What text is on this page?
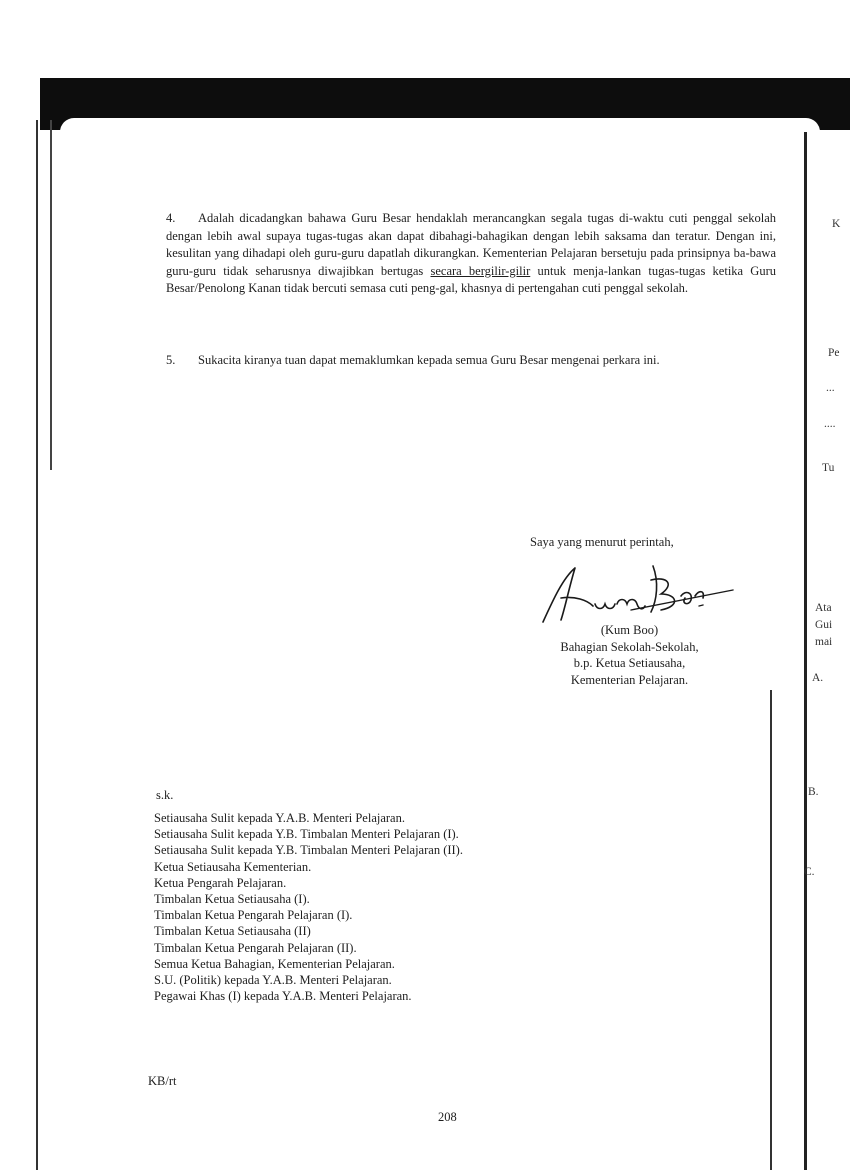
4. Adalah dicadangkan bahawa Guru Besar hendaklah merancangkan segala tugas di-waktu cuti penggal sekolah dengan lebih awal supaya tugas-tugas akan dapat dibahagi-bahagikan dengan lebih saksama dan teratur. Dengan ini, kesulitan yang dihadapi oleh guru-guru dapatlah dikurangkan. Kementerian Pelajaran bersetuju pada prinsipnya ba-bawa guru-guru tidak seharusnya diwajibkan bertugas secara bergilir-gilir untuk menja-lankan tugas-tugas ketika Guru Besar/Penolong Kanan tidak bercuti semasa cuti peng-gal, khasnya di pertengahan cuti penggal sekolah.

5. Sukacita kiranya tuan dapat memaklumkan kepada semua Guru Besar mengenai perkara ini.

Saya yang menurut perintah,
(Kum Boo)
Bahagian Sekolah-Sekolah,
b.p. Ketua Setiausaha,
Kementerian Pelajaran.
s.k.
Setiausaha Sulit kepada Y.A.B. Menteri Pelajaran.
Setiausaha Sulit kepada Y.B. Timbalan Menteri Pelajaran (I).
Setiausaha Sulit kepada Y.B. Timbalan Menteri Pelajaran (II).
Ketua Setiausaha Kementerian.
Ketua Pengarah Pelajaran.
Timbalan Ketua Setiausaha (I).
Timbalan Ketua Pengarah Pelajaran (I).
Timbalan Ketua Setiausaha (II)
Timbalan Ketua Pengarah Pelajaran (II).
Semua Ketua Bahagian, Kementerian Pelajaran.
S.U. (Politik) kepada Y.A.B. Menteri Pelajaran.
Pegawai Khas (I) kepada Y.A.B. Menteri Pelajaran.
KB/rt
208
K
Pe
...
....
Tu
Ata
Gui
mai
A.
B.
C.
